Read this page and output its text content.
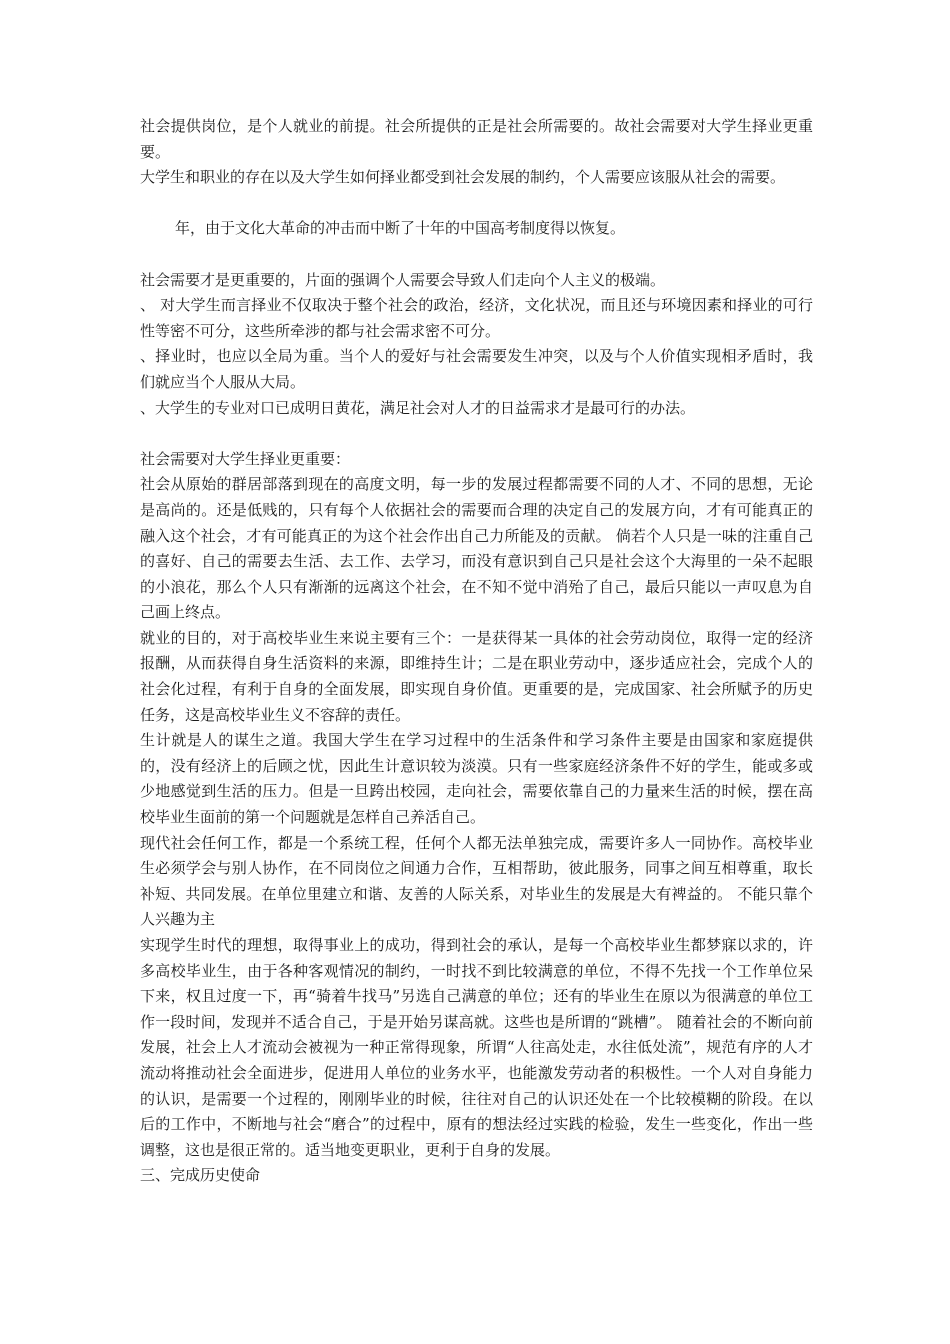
社会提供岗位，是个人就业的前提。社会所提供的正是社会所需要的。故社会需要对大学生择业更重要。

大学生和职业的存在以及大学生如何择业都受到社会发展的制约，个人需要应该服从社会的需要。

年，由于文化大革命的冲击而中断了十年的中国高考制度得以恢复。

社会需要才是更重要的，片面的强调个人需要会导致人们走向个人主义的极端。

、 对大学生而言择业不仅取决于整个社会的政治，经济，文化状况，而且还与环境因素和择业的可行性等密不可分，这些所牵涉的都与社会需求密不可分。

、择业时，也应以全局为重。当个人的爱好与社会需要发生冲突，以及与个人价值实现相矛盾时，我们就应当个人服从大局。

、大学生的专业对口已成明日黄花，满足社会对人才的日益需求才是最可行的办法。

社会需要对大学生择业更重要：

社会从原始的群居部落到现在的高度文明，每一步的发展过程都需要不同的人才、不同的思想，无论是高尚的。还是低贱的，只有每个人依据社会的需要而合理的决定自己的发展方向，才有可能真正的融入这个社会，才有可能真正的为这个社会作出自己力所能及的贡献。 倘若个人只是一味的注重自己的喜好、自己的需要去生活、去工作、去学习，而没有意识到自己只是社会这个大海里的一朵不起眼的小浪花，那么个人只有渐渐的远离这个社会，在不知不觉中消殆了自己，最后只能以一声叹息为自己画上终点。

就业的目的，对于高校毕业生来说主要有三个：一是获得某一具体的社会劳动岗位，取得一定的经济报酬，从而获得自身生活资料的来源，即维持生计；二是在职业劳动中，逐步适应社会，完成个人的社会化过程，有利于自身的全面发展，即实现自身价值。更重要的是，完成国家、社会所赋予的历史任务，这是高校毕业生义不容辞的责任。

生计就是人的谋生之道。我国大学生在学习过程中的生活条件和学习条件主要是由国家和家庭提供的，没有经济上的后顾之忧，因此生计意识较为淡漠。只有一些家庭经济条件不好的学生，能或多或少地感觉到生活的压力。但是一旦跨出校园，走向社会，需要依靠自己的力量来生活的时候，摆在高校毕业生面前的第一个问题就是怎样自己养活自己。

现代社会任何工作，都是一个系统工程，任何个人都无法单独完成，需要许多人一同协作。高校毕业生必须学会与别人协作，在不同岗位之间通力合作，互相帮助，彼此服务，同事之间互相尊重，取长补短、共同发展。在单位里建立和谐、友善的人际关系，对毕业生的发展是大有裨益的。 不能只靠个人兴趣为主

实现学生时代的理想，取得事业上的成功，得到社会的承认，是每一个高校毕业生都梦寐以求的，许多高校毕业生，由于各种客观情况的制约，一时找不到比较满意的单位，不得不先找一个工作单位呆下来，权且过度一下，再“骑着牛找马”另选自己满意的单位；还有的毕业生在原以为很满意的单位工作一段时间，发现并不适合自己，于是开始另谋高就。这些也是所谓的“跳槽”。 随着社会的不断向前发展，社会上人才流动会被视为一种正常得现象，所谓“人往高处走，水往低处流”，规范有序的人才流动将推动社会全面进步，促进用人单位的业务水平，也能激发劳动者的积极性。一个人对自身能力的认识，是需要一个过程的，刚刚毕业的时候，往往对自己的认识还处在一个比较模糊的阶段。在以后的工作中，不断地与社会“磨合”的过程中，原有的想法经过实践的检验，发生一些变化，作出一些调整，这也是很正常的。适当地变更职业，更利于自身的发展。

三、完成历史使命
